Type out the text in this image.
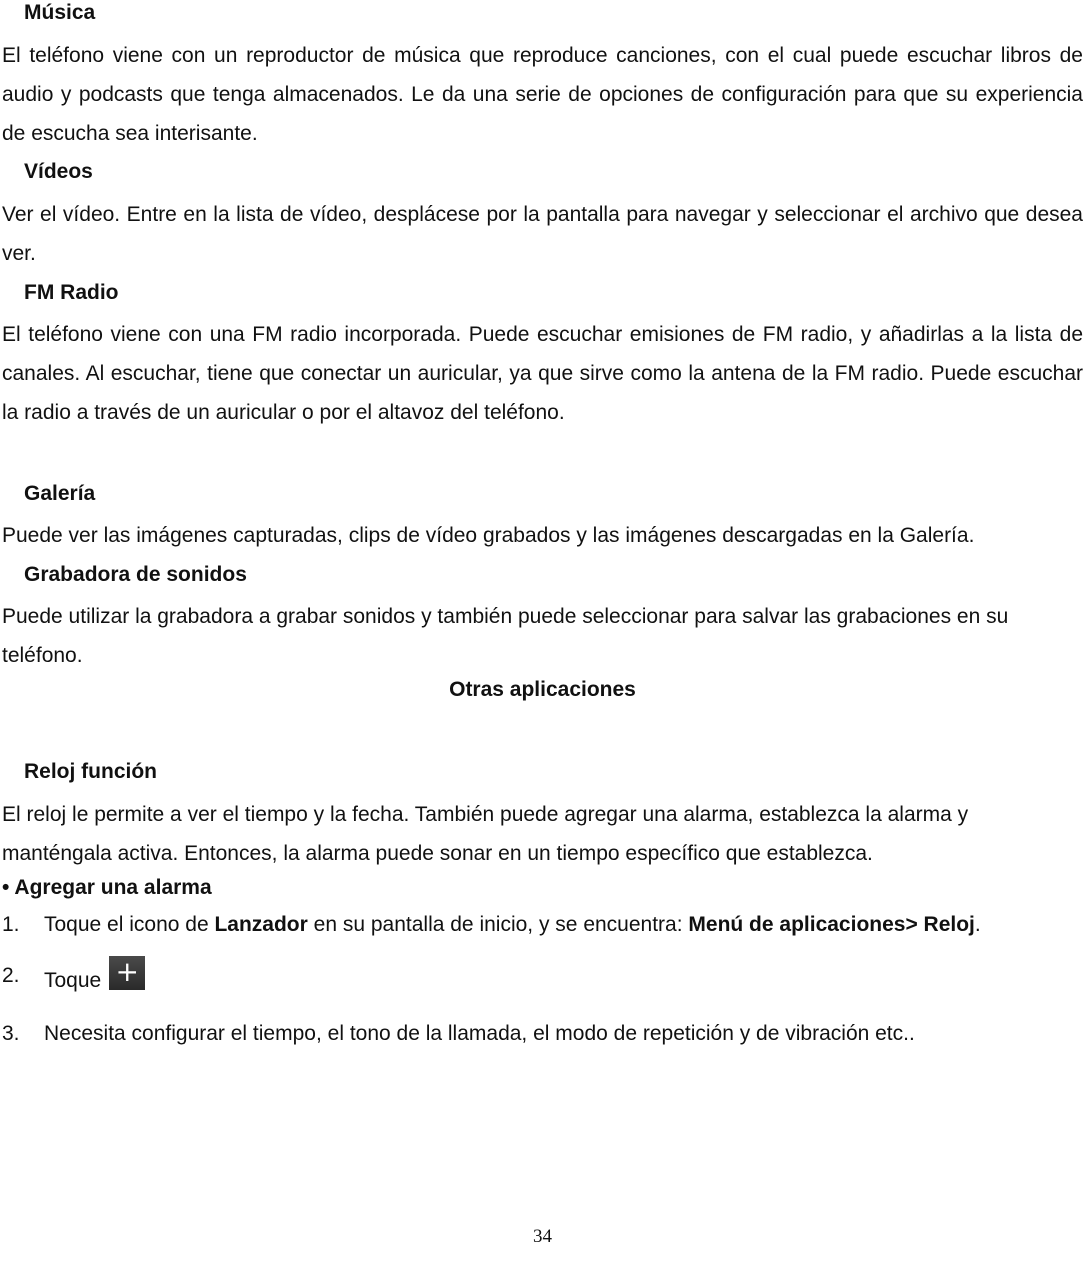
Música

El teléfono viene con un reproductor de música que reproduce canciones, con el cual puede escuchar libros de audio y podcasts que tenga almacenados. Le da una serie de opciones de configuración para que su experiencia de escucha sea interisante.

Vídeos

Ver el vídeo. Entre en la lista de vídeo, desplácese por la pantalla para navegar y seleccionar el archivo que desea ver.

FM Radio

El teléfono viene con una FM radio incorporada. Puede escuchar emisiones de FM radio, y añadirlas a la lista de canales. Al escuchar, tiene que conectar un auricular, ya que sirve como la antena de la FM radio. Puede escuchar la radio a través de un auricular o por el altavoz del teléfono.

Galería

Puede ver las imágenes capturadas, clips de vídeo grabados y las imágenes descargadas en la Galería.

Grabadora de sonidos

Puede utilizar la grabadora a grabar sonidos y también puede seleccionar para salvar las grabaciones en su teléfono.

Otras aplicaciones
Reloj función

El reloj le permite a ver el tiempo y la fecha. También puede agregar una alarma, establezca la alarma y manténgala activa. Entonces, la alarma puede sonar en un tiempo específico que establezca.

• Agregar una alarma
1.	Toque el icono de Lanzador en su pantalla de inicio, y se encuentra: Menú de aplicaciones> Reloj.
2.	Toque +
3.	Necesita configurar el tiempo, el tono de la llamada, el modo de repetición y de vibración etc..
34
